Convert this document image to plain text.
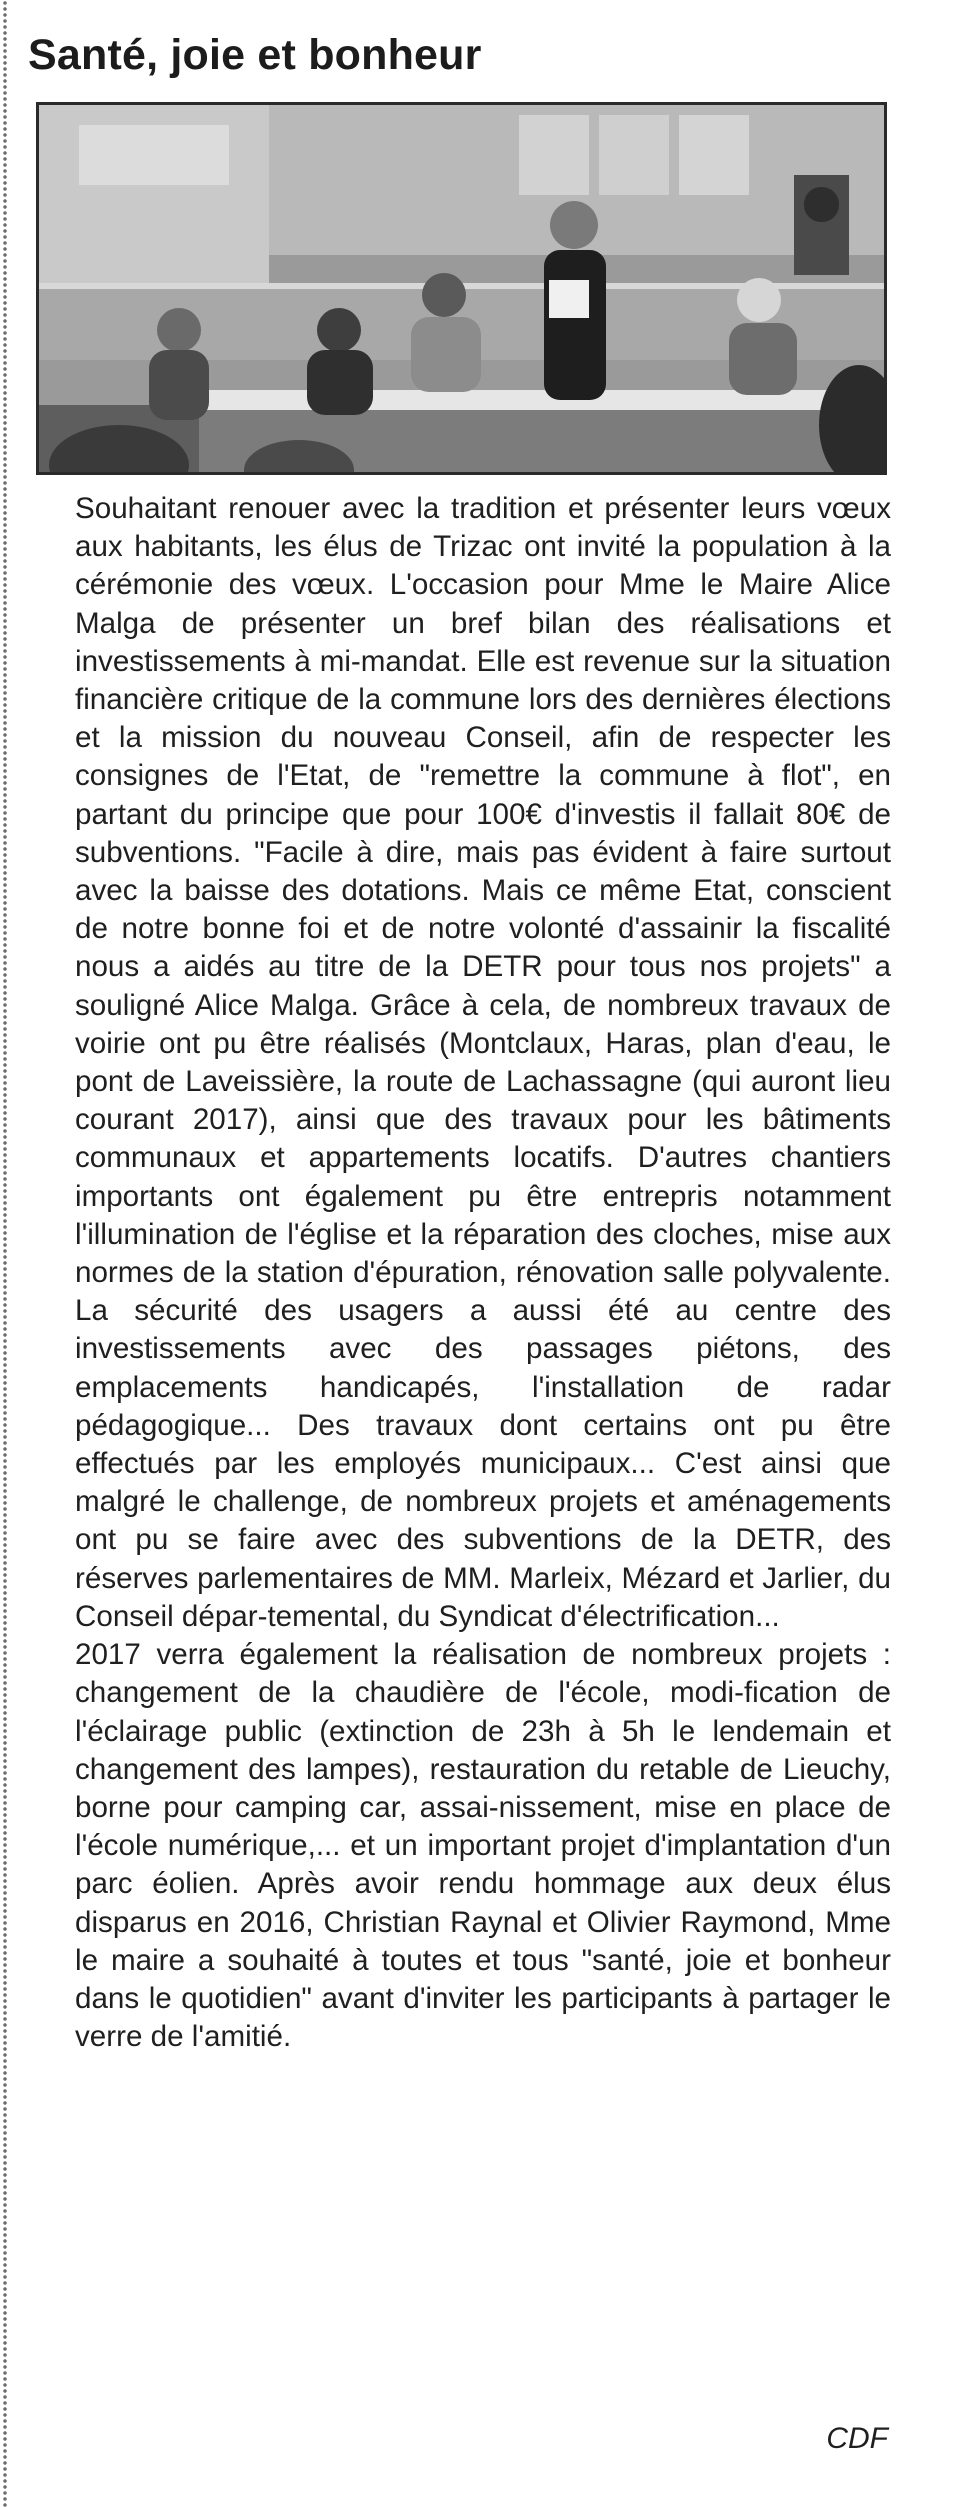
Santé, joie et bonheur

Souhaitant renouer avec la tradition et présenter leurs vœux aux habitants, les élus de Trizac ont invité la population à la cérémonie des vœux. L'occasion pour Mme le Maire Alice Malga de présenter un bref bilan des réalisations et investissements à mi-mandat. Elle est revenue sur la situation financière critique de la commune lors des dernières élections et la mission du nouveau Conseil, afin de respecter les consignes de l'Etat, de "remettre la commune à flot", en partant du principe que pour 100€ d'investis il fallait 80€ de subventions. "Facile à dire, mais pas évident à faire surtout avec la baisse des dotations. Mais ce même Etat, conscient de notre bonne foi et de notre volonté d'assainir la fiscalité nous a aidés au titre de la DETR pour tous nos projets" a souligné Alice Malga. Grâce à cela, de nombreux travaux de voirie ont pu être réalisés (Montclaux, Haras, plan d'eau, le pont de Laveissière, la route de Lachassagne (qui auront lieu courant 2017), ainsi que des travaux pour les bâtiments communaux et appartements locatifs. D'autres chantiers importants ont également pu être entrepris notamment l'illumination de l'église et la réparation des cloches, mise aux normes de la station d'épuration, rénovation salle polyvalente. La sécurité des usagers a aussi été au centre des investissements avec des passages piétons, des emplacements handicapés, l'installation de radar pédagogique... Des travaux dont certains ont pu être effectués par les employés municipaux... C'est ainsi que malgré le challenge, de nombreux projets et aménagements ont pu se faire avec des subventions de la DETR, des réserves parlementaires de MM. Marleix, Mézard et Jarlier, du Conseil dépar-temental, du Syndicat d'électrification...

2017 verra également la réalisation de nombreux projets : changement de la chaudière de l'école, modi-fication de l'éclairage public (extinction de 23h à 5h le lendemain et changement des lampes), restauration du retable de Lieuchy, borne pour camping car, assai-nissement, mise en place de l'école numérique,... et un important projet d'implantation d'un parc éolien. Après avoir rendu hommage aux deux élus disparus en 2016, Christian Raynal et Olivier Raymond, Mme le maire a souhaité à toutes et tous "santé, joie et bonheur dans le quotidien" avant d'inviter les participants à partager le verre de l'amitié.

CDF
